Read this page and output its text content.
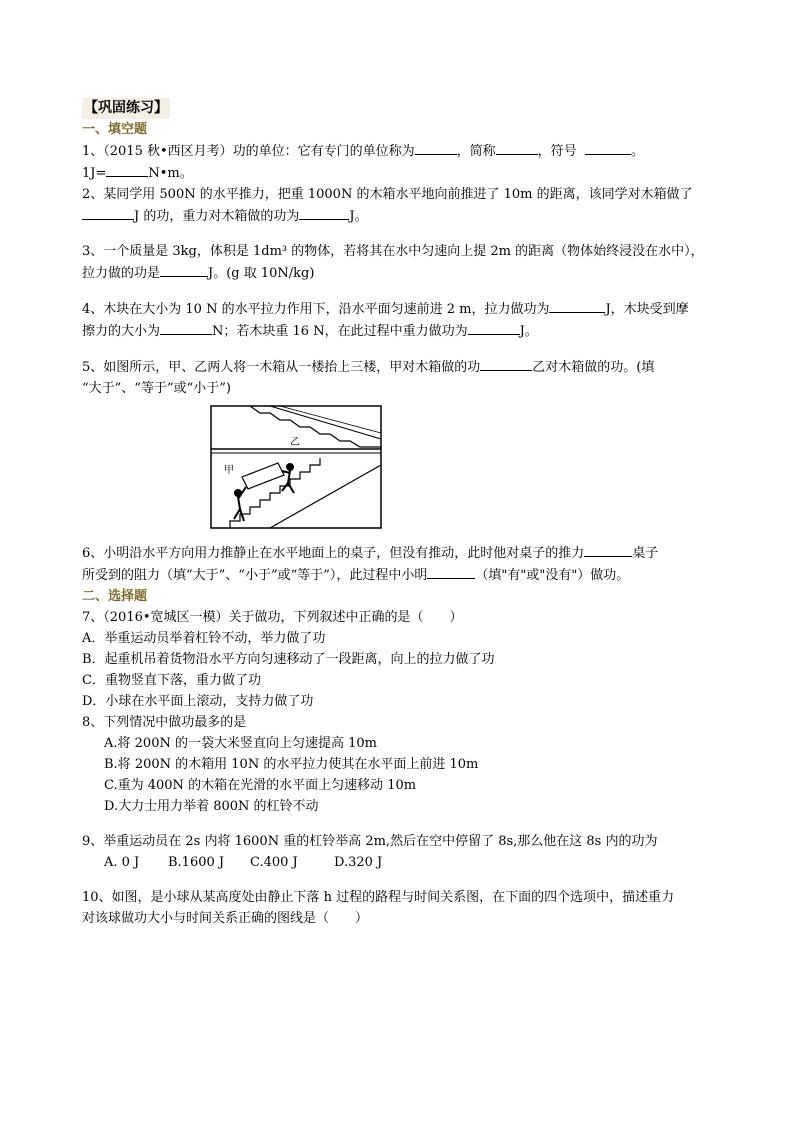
【巩固练习】
一、填空题
1、（2015 秋•西区月考）功的单位：它有专门的单位称为	，简称	，符号	。
1J=	N•m。
2、某同学用 500N 的水平推力，把重 1000N 的木箱水平地向前推进了 10m 的距离，该同学对木箱做了
J 的功，重力对木箱做的功为	J。
3、一个质量是 3kg，体积是 1dm³ 的物体，若将其在水中匀速向上提 2m 的距离（物体始终浸没在水中），
拉力做的功是	J。(g 取 10N/kg)
4、木块在大小为 10 N 的水平拉力作用下，沿水平面匀速前进 2 m，拉力做功为	J，木块受到摩
擦力的大小为	N；若木块重 16 N，在此过程中重力做功为	J。
5、如图所示，甲、乙两人将一木箱从一楼抬上三楼，甲对木箱做的功	乙对木箱做的功。(填
“大于”、“等于”或“小于”)
乙
甲
6、小明沿水平方向用力推静止在水平地面上的桌子，但没有推动，此时他对桌子的推力	桌子
所受到的阻力（填“大于”、“小于”或“等于”），此过程中小明	（填"有"或"没有"）做功。
二、选择题
7、（2016•宽城区一模）关于做功，下列叙述中正确的是（　　）
A．举重运动员举着杠铃不动，举力做了功
B．起重机吊着货物沿水平方向匀速移动了一段距离，向上的拉力做了功
C．重物竖直下落，重力做了功
D．小球在水平面上滚动，支持力做了功
8、下列情况中做功最多的是
A.将 200N 的一袋大米竖直向上匀速提高 10m
B.将 200N 的木箱用 10N 的水平拉力使其在水平面上前进 10m
C.重为 400N 的木箱在光滑的水平面上匀速移动 10m
D.大力士用力举着 800N 的杠铃不动
9、举重运动员在 2s 内将 1600N 重的杠铃举高 2m,然后在空中停留了 8s,那么他在这 8s 内的功为
A. 0 J B.1600 J C.400 J	D.320 J
10、如图，是小球从某高度处由静止下落 h 过程的路程与时间关系图，在下面的四个选项中，描述重力
对该球做功大小与时间关系正确的图线是（　　）
